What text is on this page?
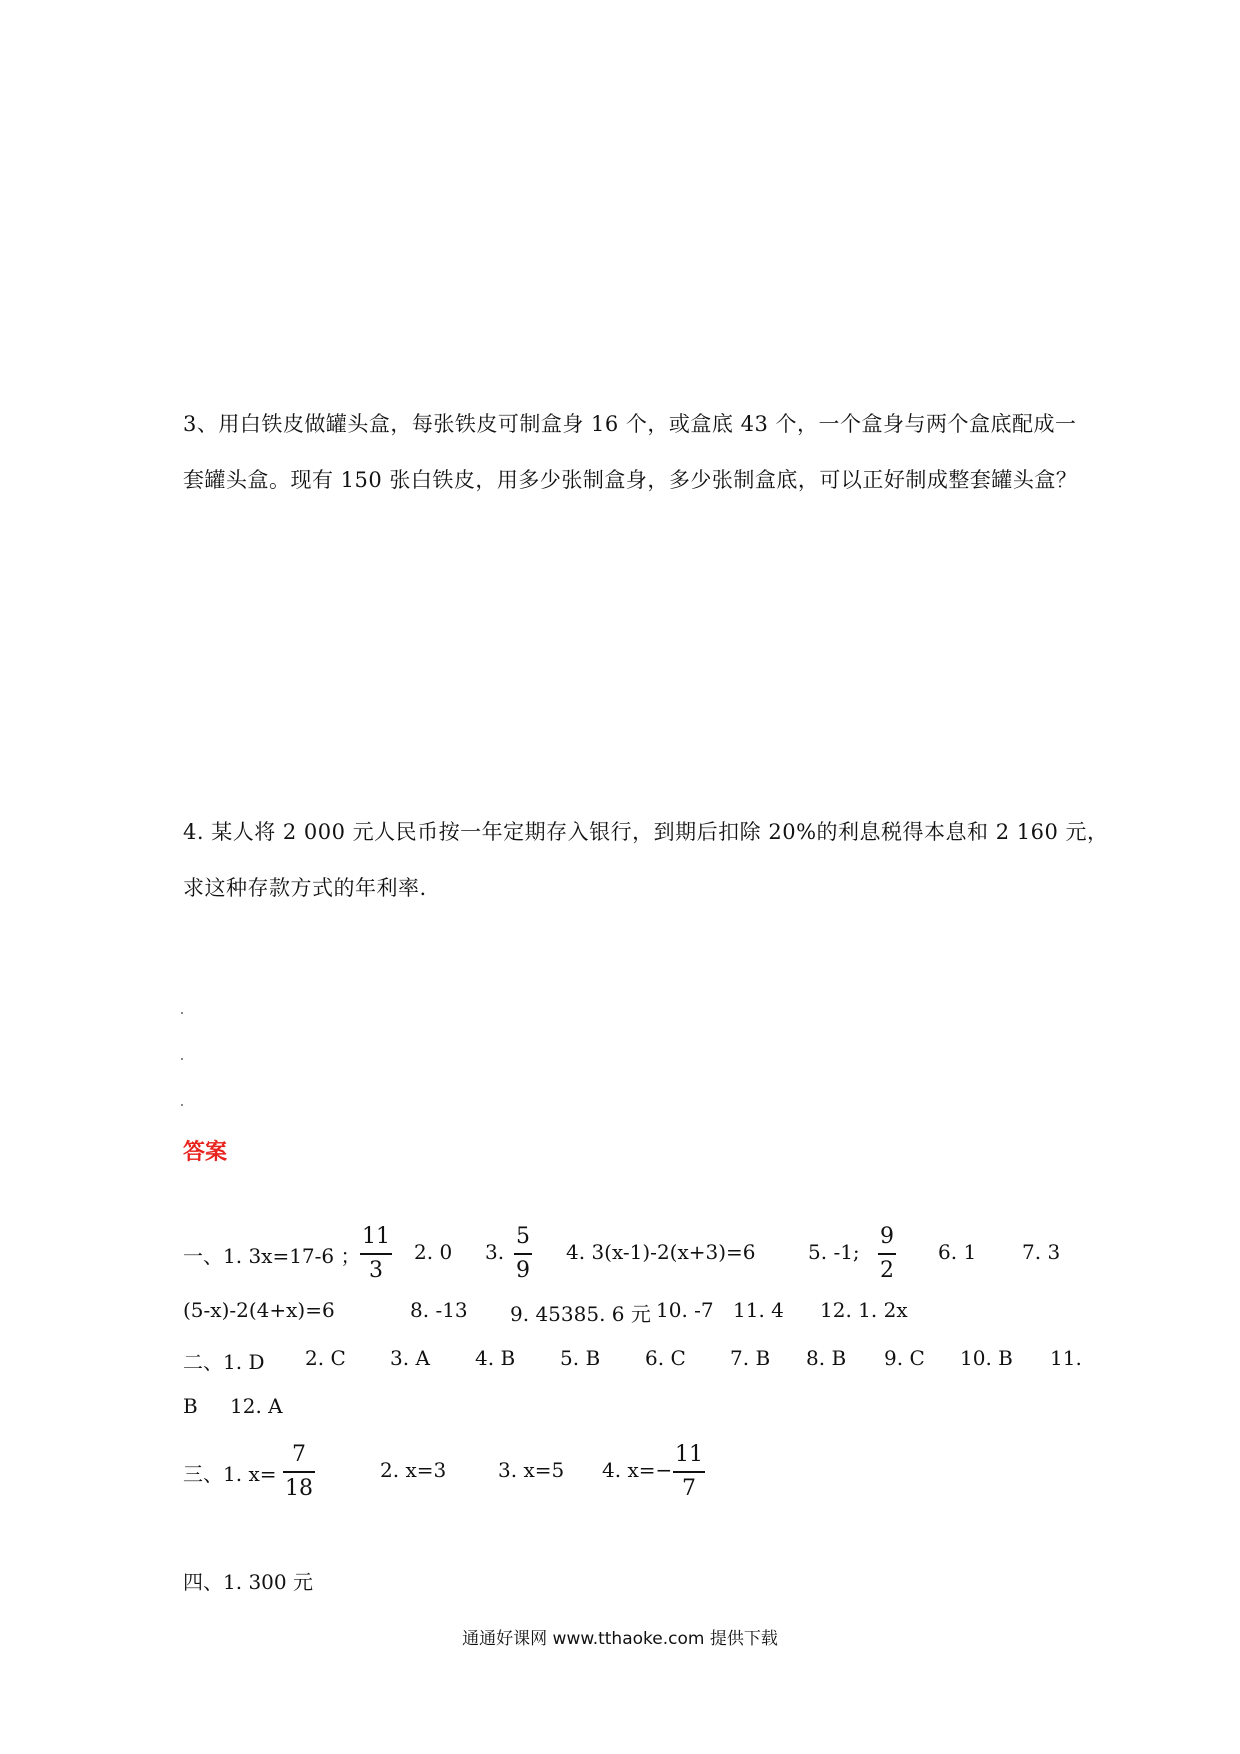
3、用白铁皮做罐头盒，每张铁皮可制盒身 16 个，或盒底 43 个，一个盒身与两个盒底配成一
套罐头盒。现有 150 张白铁皮，用多少张制盒身，多少张制盒底，可以正好制成整套罐头盒？
4. 某人将 2 000 元人民币按一年定期存入银行，到期后扣除 20%的利息税得本息和 2 160 元，
求这种存款方式的年利率.
答案
一、1. 3x=17-6 ；
11
3
2. 0 3.
5
9
4. 3(x-1)-2(x+3)=6	5. -1;
9
2
6. 1 7. 3
(5-x)-2(4+x)=6	8. -13 9. 45385. 6 元 10. -7 11. 4 12. 1. 2x
二、1. D 2. C 3. A 4. B 5. B 6. C 7. B 8. B 9. C 10. B 11.
B 12. A
三、1. x=
7
18
2. x=3	3. x=5 4. x=−
11
7
四、1. 300 元
通通好课网 www.tthaoke.com 提供下载
